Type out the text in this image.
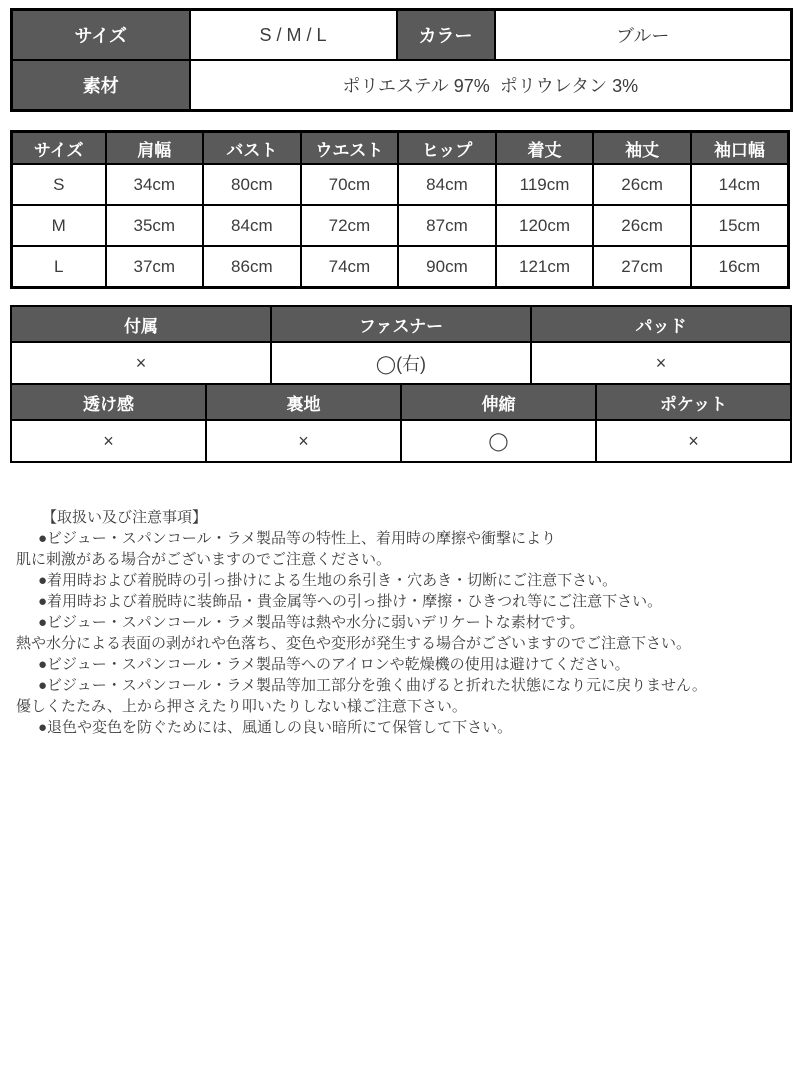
サイズ	S / M / L	カラー	ブルー
素材	ポリエステル 97%  ポリウレタン 3%		
サイズ	肩幅	バスト	ウエスト	ヒップ	着丈	袖丈	袖口幅
S	34cm	80cm	70cm	84cm	119cm	26cm	14cm
M	35cm	84cm	72cm	87cm	120cm	26cm	15cm
L	37cm	86cm	74cm	90cm	121cm	27cm	16cm
付属	ファスナー	パッド
×	◯(右)	×
透け感	裏地	伸縮	ポケット
×	×	◯	×

【取扱い及び注意事項】

●ビジュー・スパンコール・ラメ製品等の特性上、着用時の摩擦や衝撃により

肌に刺激がある場合がございますのでご注意ください。

●着用時および着脱時の引っ掛けによる生地の糸引き・穴あき・切断にご注意下さい。

●着用時および着脱時に装飾品・貴金属等への引っ掛け・摩擦・ひきつれ等にご注意下さい。

●ビジュー・スパンコール・ラメ製品等は熱や水分に弱いデリケートな素材です。

熱や水分による表面の剥がれや色落ち、変色や変形が発生する場合がございますのでご注意下さい。

●ビジュー・スパンコール・ラメ製品等へのアイロンや乾燥機の使用は避けてください。

●ビジュー・スパンコール・ラメ製品等加工部分を強く曲げると折れた状態になり元に戻りません。

優しくたたみ、上から押さえたり叩いたりしない様ご注意下さい。

●退色や変色を防ぐためには、風通しの良い暗所にて保管して下さい。
